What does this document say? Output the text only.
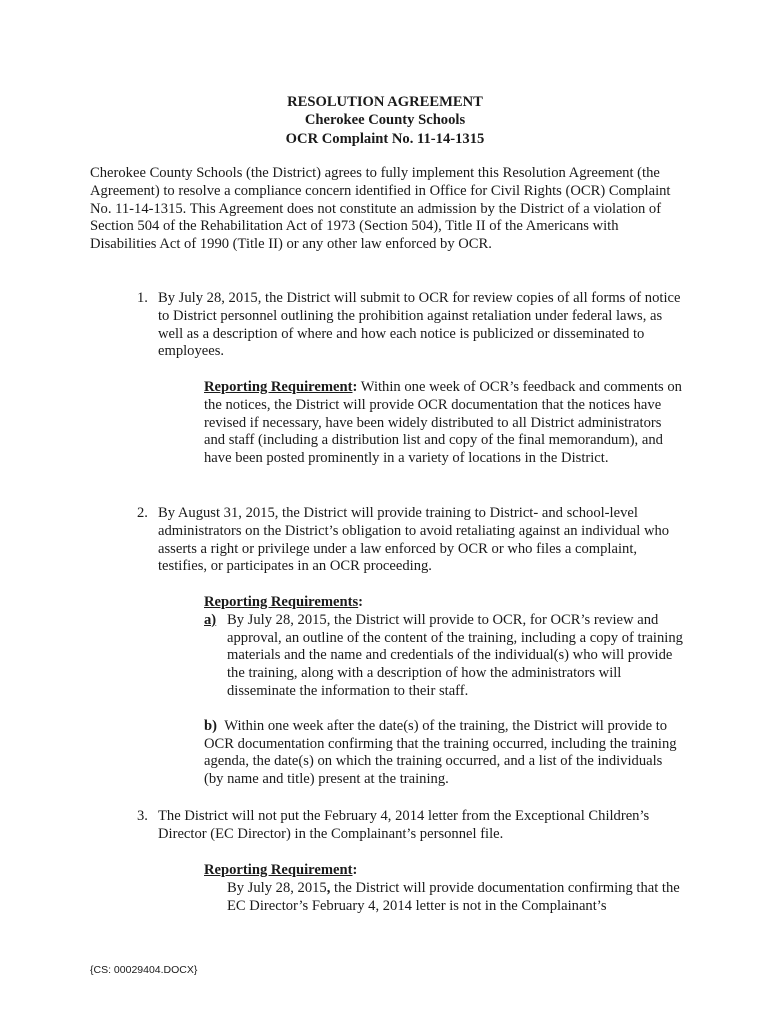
RESOLUTION AGREEMENT
Cherokee County Schools
OCR Complaint No. 11-14-1315
Cherokee County Schools (the District) agrees to fully implement this Resolution Agreement (the Agreement) to resolve a compliance concern identified in Office for Civil Rights (OCR) Complaint No. 11-14-1315. This Agreement does not constitute an admission by the District of a violation of Section 504 of the Rehabilitation Act of 1973 (Section 504), Title II of the Americans with Disabilities Act of 1990 (Title II) or any other law enforced by OCR.
1. By July 28, 2015, the District will submit to OCR for review copies of all forms of notice to District personnel outlining the prohibition against retaliation under federal laws, as well as a description of where and how each notice is publicized or disseminated to employees.
Reporting Requirement: Within one week of OCR’s feedback and comments on the notices, the District will provide OCR documentation that the notices have revised if necessary, have been widely distributed to all District administrators and staff (including a distribution list and copy of the final memorandum), and have been posted prominently in a variety of locations in the District.
2. By August 31, 2015, the District will provide training to District- and school-level administrators on the District’s obligation to avoid retaliating against an individual who asserts a right or privilege under a law enforced by OCR or who files a complaint, testifies, or participates in an OCR proceeding.
Reporting Requirements:
a) By July 28, 2015, the District will provide to OCR, for OCR’s review and approval, an outline of the content of the training, including a copy of training materials and the name and credentials of the individual(s) who will provide the training, along with a description of how the administrators will disseminate the information to their staff.
b) Within one week after the date(s) of the training, the District will provide to OCR documentation confirming that the training occurred, including the training agenda, the date(s) on which the training occurred, and a list of the individuals (by name and title) present at the training.
3. The District will not put the February 4, 2014 letter from the Exceptional Children’s Director (EC Director) in the Complainant’s personnel file.
Reporting Requirement:
By July 28, 2015, the District will provide documentation confirming that the EC Director’s February 4, 2014 letter is not in the Complainant’s
{CS: 00029404.DOCX}
